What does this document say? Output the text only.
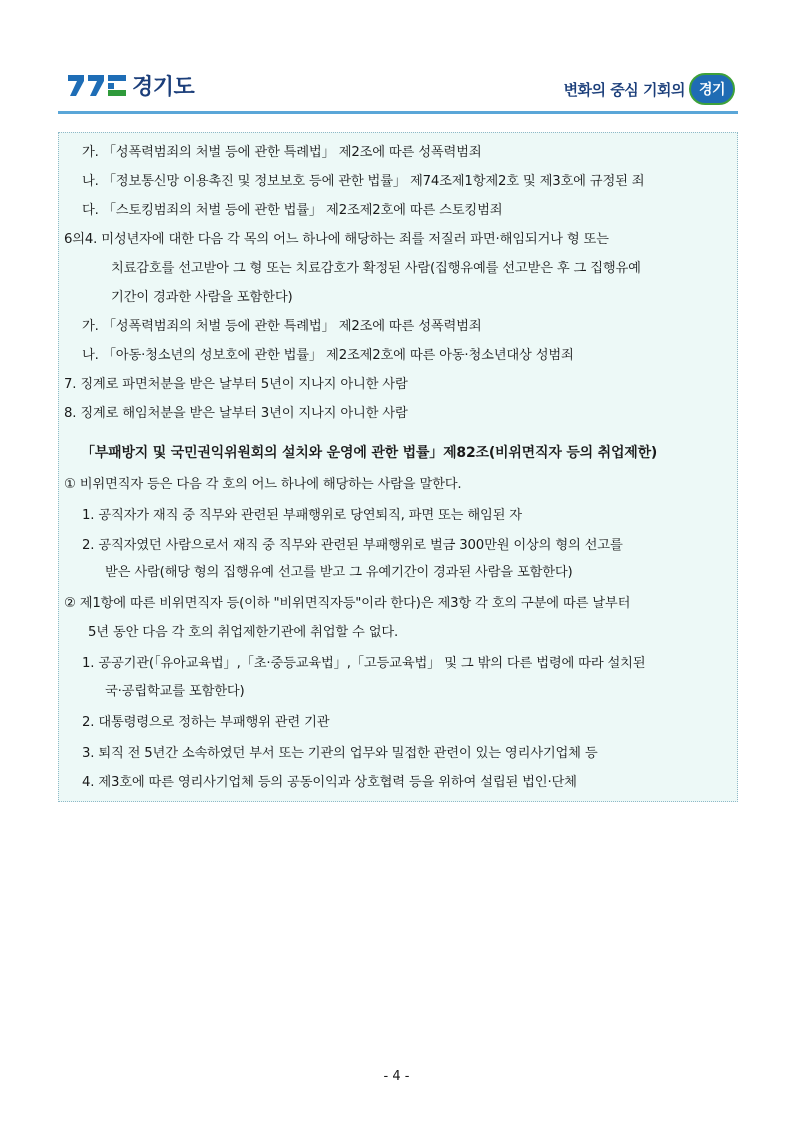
경기도	변화의 중심 기회의	경기
가. 「성폭력범죄의 처벌 등에 관한 특례법」 제2조에 따른 성폭력범죄
나. 「정보통신망 이용촉진 및 정보보호 등에 관한 법률」 제74조제1항제2호 및 제3호에 규정된 죄
다. 「스토킹범죄의 처벌 등에 관한 법률」 제2조제2호에 따른 스토킹범죄
6의4. 미성년자에 대한 다음 각 목의 어느 하나에 해당하는 죄를 저질러 파면·해임되거나 형 또는
치료감호를 선고받아 그 형 또는 치료감호가 확정된 사람(집행유예를 선고받은 후 그 집행유예
기간이 경과한 사람을 포함한다)
가. 「성폭력범죄의 처벌 등에 관한 특례법」 제2조에 따른 성폭력범죄
나. 「아동·청소년의 성보호에 관한 법률」 제2조제2호에 따른 아동·청소년대상 성범죄
7. 징계로 파면처분을 받은 날부터 5년이 지나지 아니한 사람
8. 징계로 해임처분을 받은 날부터 3년이 지나지 아니한 사람
「부패방지 및 국민권익위원회의 설치와 운영에 관한 법률」제82조(비위면직자 등의 취업제한)
① 비위면직자 등은 다음 각 호의 어느 하나에 해당하는 사람을 말한다.
1. 공직자가 재직 중 직무와 관련된 부패행위로 당연퇴직, 파면 또는 해임된 자
2. 공직자였던 사람으로서 재직 중 직무와 관련된 부패행위로 벌금 300만원 이상의 형의 선고를
받은 사람(해당 형의 집행유예 선고를 받고 그 유예기간이 경과된 사람을 포함한다)
② 제1항에 따른 비위면직자 등(이하 "비위면직자등"이라 한다)은 제3항 각 호의 구분에 따른 날부터
5년 동안 다음 각 호의 취업제한기관에 취업할 수 없다.
1. 공공기관(「유아교육법」,「초·중등교육법」,「고등교육법」 및 그 밖의 다른 법령에 따라 설치된
국·공립학교를 포함한다)
2. 대통령령으로 정하는 부패행위 관련 기관
3. 퇴직 전 5년간 소속하였던 부서 또는 기관의 업무와 밀접한 관련이 있는 영리사기업체 등
4. 제3호에 따른 영리사기업체 등의 공동이익과 상호협력 등을 위하여 설립된 법인·단체
- 4 -
